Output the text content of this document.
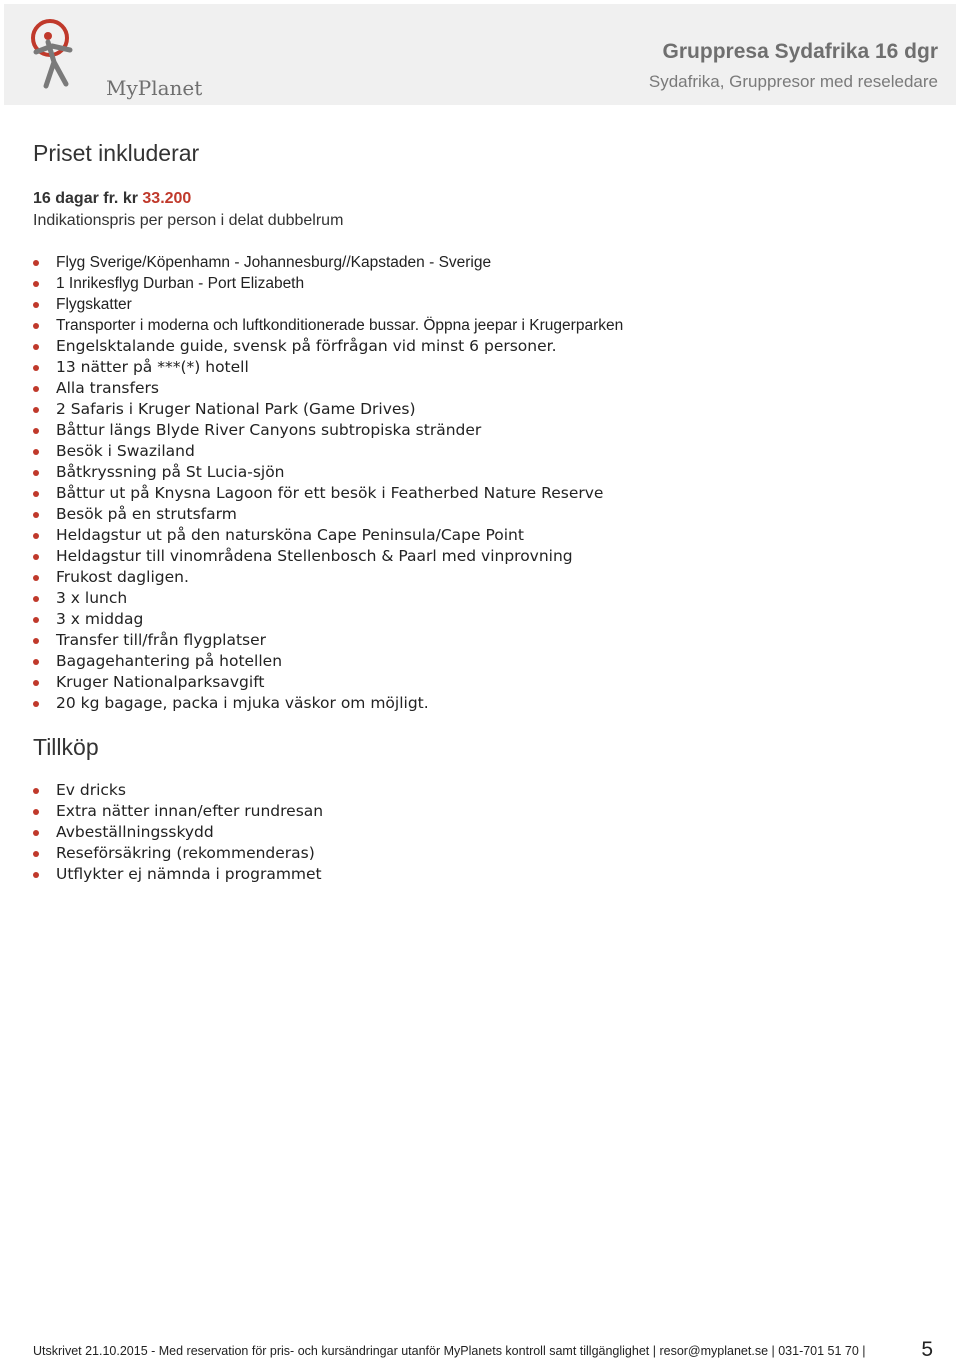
MyPlanet
Gruppresa Sydafrika 16 dgr
Sydafrika, Gruppresor med reseledare
Priset inkluderar
16 dagar fr. kr 33.200
Indikationspris per person i delat dubbelrum
Flyg Sverige/Köpenhamn - Johannesburg//Kapstaden - Sverige
1 Inrikesflyg Durban - Port Elizabeth
Flygskatter
Transporter i moderna och luftkonditionerade bussar. Öppna jeepar i Krugerparken
Engelsktalande guide, svensk på förfrågan vid minst 6 personer.
13 nätter på ***(*) hotell
Alla transfers
2 Safaris i Kruger National Park (Game Drives)
Båttur längs Blyde River Canyons subtropiska stränder
Besök i Swaziland
Båtkryssning på St Lucia-sjön
Båttur ut på Knysna Lagoon för ett besök i Featherbed Nature Reserve
Besök på en strutsfarm
Heldagstur ut på den natursköna Cape Peninsula/Cape Point
Heldagstur till vinområdena Stellenbosch & Paarl med vinprovning
Frukost dagligen.
3 x lunch
3 x middag
Transfer till/från flygplatser
Bagagehantering på hotellen
Kruger Nationalparksavgift
20 kg bagage, packa i mjuka väskor om möjligt.
Tillköp
Ev dricks
Extra nätter innan/efter rundresan
Avbeställningsskydd
Reseförsäkring (rekommenderas)
Utflykter ej nämnda i programmet
Utskrivet 21.10.2015 - Med reservation för pris- och kursändringar utanför MyPlanets kontroll samt tillgänglighet | resor@myplanet.se | 031-701 51 70 |	5
